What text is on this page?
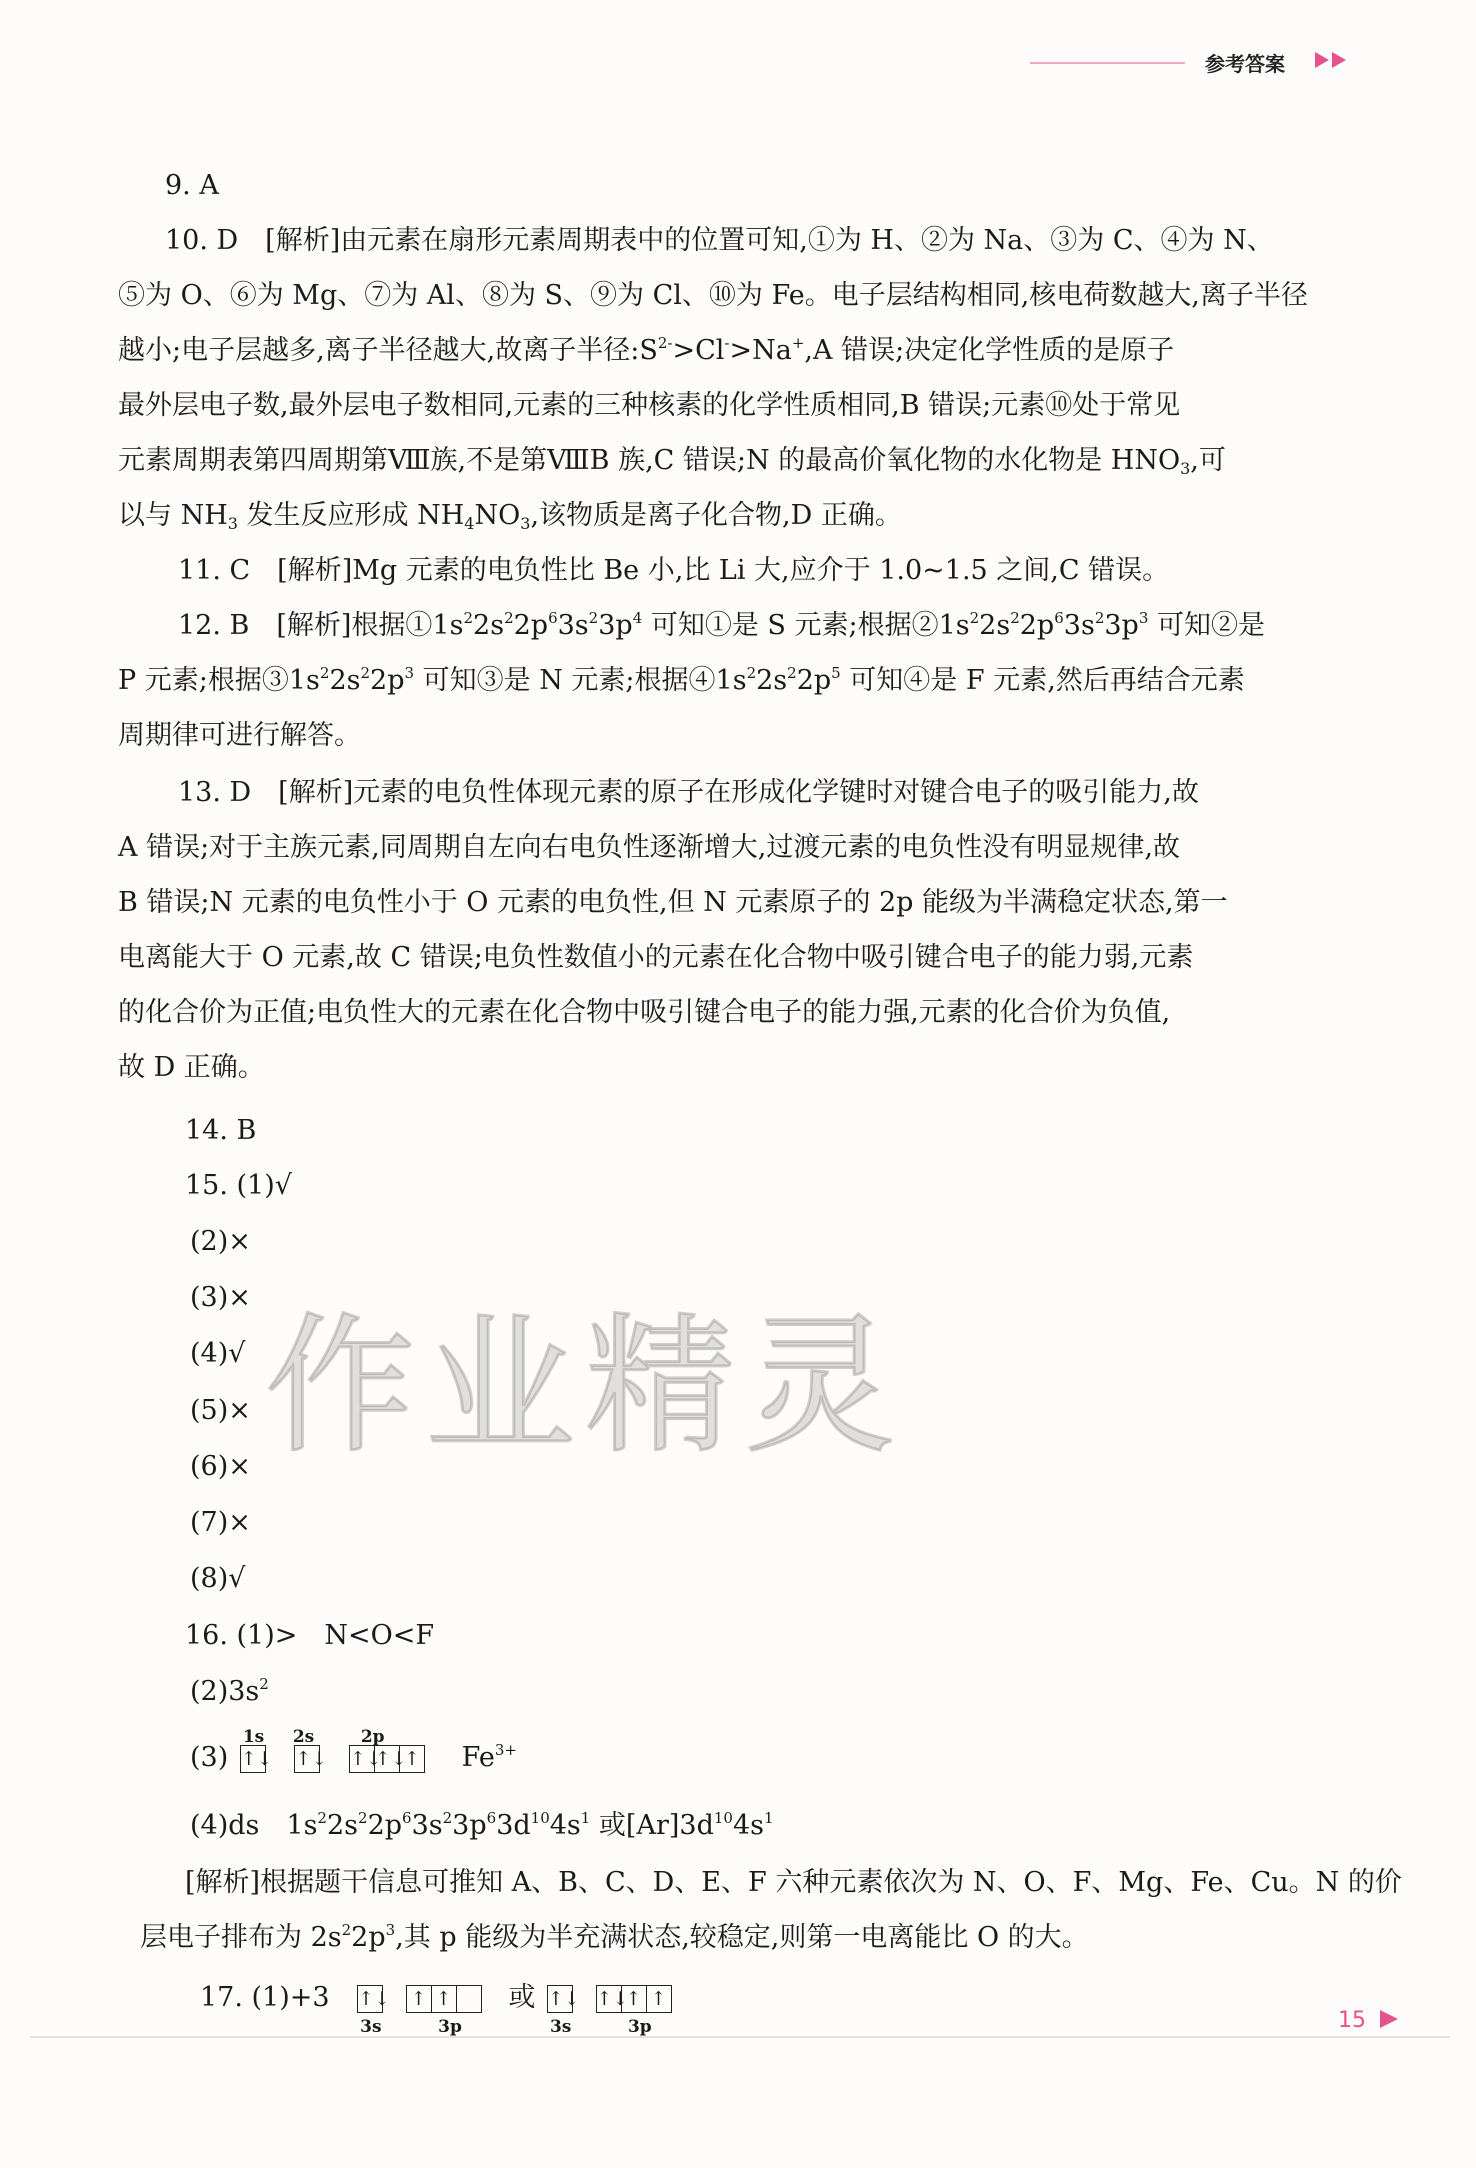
参考答案
作业精灵
9. A
10. D　[解析]由元素在扇形元素周期表中的位置可知,①为 H、②为 Na、③为 C、④为 N、
⑤为 O、⑥为 Mg、⑦为 Al、⑧为 S、⑨为 Cl、⑩为 Fe。电子层结构相同,核电荷数越大,离子半径
越小;电子层越多,离子半径越大,故离子半径$:S^{2-}>Cl^->Na^+,A$ 错误;决定化学性质的是原子
最外层电子数,最外层电子数相同,元素的三种核素的化学性质相同,B 错误;元素⑩处于常见
元素周期表第四周期第Ⅷ族,不是第ⅧB 族,C 错误;N 的最高价氧化物的水化物是 $HNO_3$,可
以与 $NH_3$ 发生反应形成 $NH_4NO_3$,该物质是离子化合物,D 正确。
11. C　[解析]Mg 元素的电负性比 Be 小,比 Li 大,应介于 1.0~1.5 之间,C 错误。
12. B　[解析]根据$①1s^22s^22p^63s^23p^4$ 可知①是 S 元素;根据$②1s^22s^22p^63s^23p^3$ 可知②是
P 元素;根据$③1s^22s^22p^3$ 可知③是 N 元素;根据$④1s^22s^22p^5$ 可知④是 F 元素,然后再结合元素
周期律可进行解答。
13. D　[解析]元素的电负性体现元素的原子在形成化学键时对键合电子的吸引能力,故
A 错误;对于主族元素,同周期自左向右电负性逐渐增大,过渡元素的电负性没有明显规律,故
B 错误;N 元素的电负性小于 O 元素的电负性,但 N 元素原子的 2p 能级为半满稳定状态,第一
电离能大于 O 元素,故 C 错误;电负性数值小的元素在化合物中吸引键合电子的能力弱,元素
的化合价为正值;电负性大的元素在化合物中吸引键合电子的能力强,元素的化合价为负值,
故 D 正确。
14. B
15. (1)√
(2)×
(3)×
(4)√
(5)×
(6)×
(7)×
(8)√
16. (1)>　N<O<F
$(2)3s^2$
(3)
1s 2s	2p
↑↓ ↑↓ ↑↓↑↓↑ $Fe^{3+}$
(4)ds　$1s^22s^22p^63s^23p^63d^{10}4s^1$ 或$[Ar]3d^{10}4s^1$
[解析]根据题干信息可推知 A、B、C、D、E、F 六种元素依次为 N、O、F、Mg、Fe、Cu。N 的价
层电子排布为 $2s^22p^3$,其 p 能级为半充满状态,较稳定,则第一电离能比 O 的大。
17. (1)+3 ↑↓ ↑ ↑
3s	3p
或 ↑↓ ↑↓↑ ↑
3s	3p	15
